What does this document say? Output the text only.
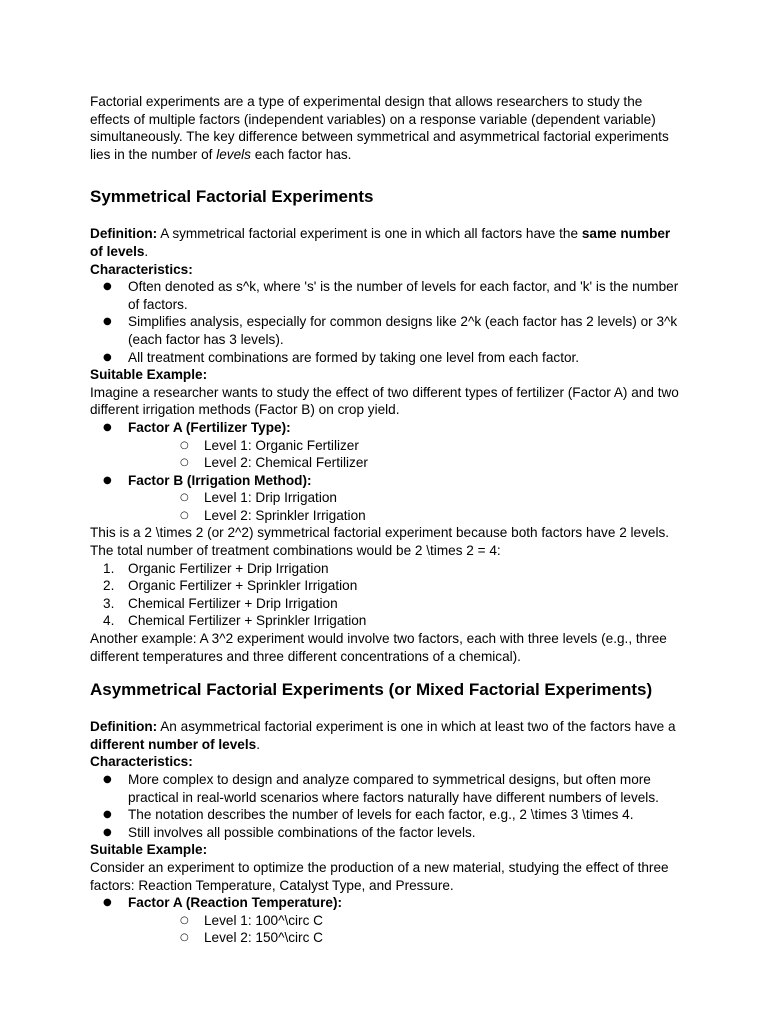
Factorial experiments are a type of experimental design that allows researchers to study the effects of multiple factors (independent variables) on a response variable (dependent variable) simultaneously. The key difference between symmetrical and asymmetrical factorial experiments lies in the number of levels each factor has.

Symmetrical Factorial Experiments

Definition: A symmetrical factorial experiment is one in which all factors have the same number of levels.

Characteristics:

● Often denoted as s^k, where 's' is the number of levels for each factor, and 'k' is the number of factors.
● Simplifies analysis, especially for common designs like 2^k (each factor has 2 levels) or 3^k (each factor has 3 levels).
● All treatment combinations are formed by taking one level from each factor.

Suitable Example:

Imagine a researcher wants to study the effect of two different types of fertilizer (Factor A) and two different irrigation methods (Factor B) on crop yield.

● Factor A (Fertilizer Type):
○ Level 1: Organic Fertilizer
○ Level 2: Chemical Fertilizer
● Factor B (Irrigation Method):
○ Level 1: Drip Irrigation
○ Level 2: Sprinkler Irrigation

This is a 2 \times 2 (or 2^2) symmetrical factorial experiment because both factors have 2 levels. The total number of treatment combinations would be 2 \times 2 = 4:

Organic Fertilizer + Drip Irrigation
Organic Fertilizer + Sprinkler Irrigation
Chemical Fertilizer + Drip Irrigation
Chemical Fertilizer + Sprinkler Irrigation

Another example: A 3^2 experiment would involve two factors, each with three levels (e.g., three different temperatures and three different concentrations of a chemical).

Asymmetrical Factorial Experiments (or Mixed Factorial Experiments)

Definition: An asymmetrical factorial experiment is one in which at least two of the factors have a different number of levels.

Characteristics:

● More complex to design and analyze compared to symmetrical designs, but often more practical in real-world scenarios where factors naturally have different numbers of levels.
● The notation describes the number of levels for each factor, e.g., 2 \times 3 \times 4.
● Still involves all possible combinations of the factor levels.

Suitable Example:

Consider an experiment to optimize the production of a new material, studying the effect of three factors: Reaction Temperature, Catalyst Type, and Pressure.

● Factor A (Reaction Temperature):
○ Level 1: 100^\circ C
○ Level 2: 150^\circ C
